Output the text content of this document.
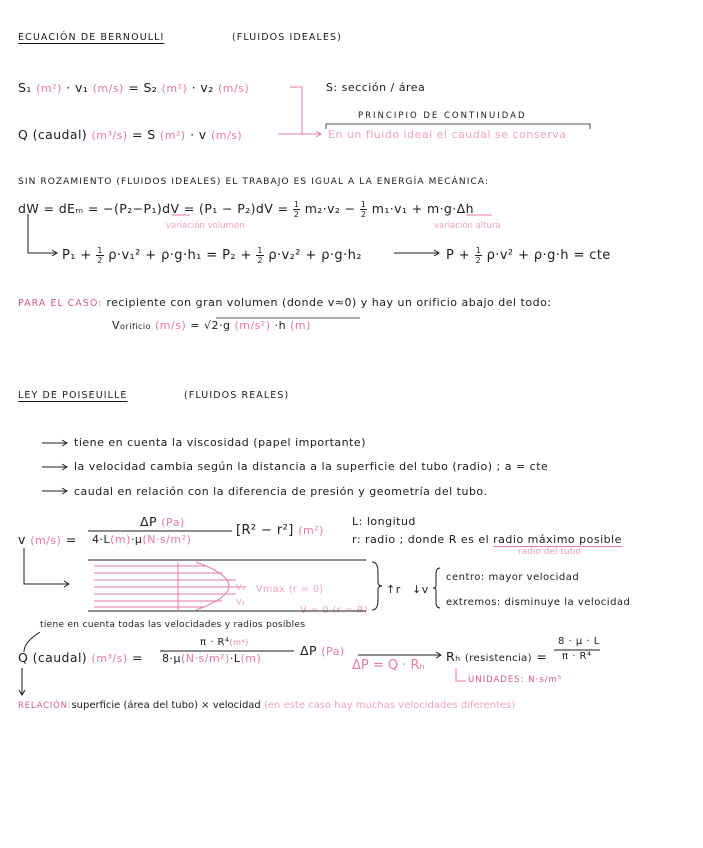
ECUACIÓN DE BERNOULLI	(FLUIDOS IDEALES)
S₁ (m²) · v₁ (m/s) = S₂ (m²) · v₂ (m/s)	S: sección / área
Q (caudal) (m³/s) = S (m²) · v (m/s)
PRINCIPIO DE CONTINUIDAD
En un fluido ideal el caudal se conserva
SIN ROZAMIENTO (FLUIDOS IDEALES) EL TRABAJO ES IGUAL A LA ENERGÍA MECÁNICA:
dW = $dE_m = -(P_2-P_1)dV = (P_1 - P_2)dV = \frac{1}{2} m_2\cdot v_2 - \frac{1}{2} m_1\cdot v_1 + m\cdot g\cdot\Delta h$
variación volumen	variación altura
$P_1 + \frac{1}{2} \rho\cdot v_1^2 + \rho\cdot g\cdot h_1 = P_2 + \frac{1}{2} \rho\cdot v_2^2 + \rho\cdot g\cdot h_2$	$P + \frac{1}{2} \rho\cdot v^2 + \rho\cdot g\cdot h$ = cte
PARA EL CASO: recipiente con gran volumen (donde v≈0) y hay un orificio abajo del todo:
Vorificio (m/s) = √2·g (m/s²) ·h (m)
LEY DE POISEUILLE	(FLUIDOS REALES)
tiene en cuenta la viscosidad (papel importante)
la velocidad cambia según la distancia a la superficie del tubo (radio) ; a = cte
caudal en relación con la diferencia de presión y geometría del tubo.
v (m/s) =
ΔP (Pa)
4·L(m)·μ(N·s/m²)
[R² − r²] (m²)
L: longitud
r: radio ; donde R es el radio máximo posible
radio del tubo
Vmax (r = 0)
V = 0 (r = R)
V₁
V₂
↑r ↓v
centro: mayor velocidad
extremos: disminuye la velocidad
tiene en cuenta todas las velocidades y radios posibles
Q (caudal) (m³/s) =
π · R⁴(m⁴)
8·μ(N·s/m²)·L(m)
ΔP (Pa)
ΔP = Q · Rₕ
Rₕ (resistencia) =
8 · μ · L
π · R⁴
UNIDADES: N·s/m⁵
RELACIÓN:superficie (área del tubo) × velocidad (en este caso hay muchas velocidades diferentes)
